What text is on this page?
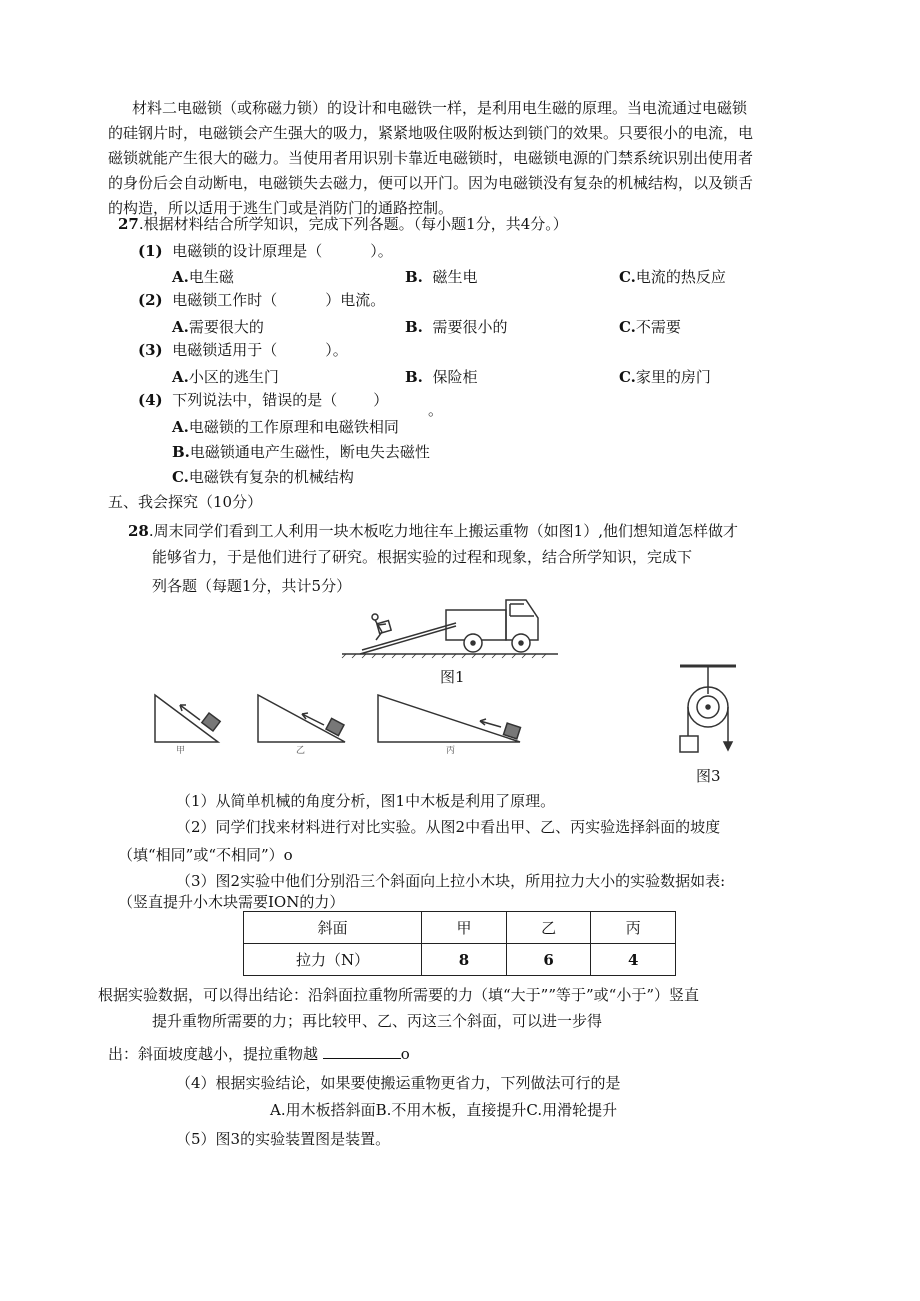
材料二电磁锁（或称磁力锁）的设计和电磁铁一样，是利用电生磁的原理。当电流通过电磁锁
的硅钢片时，电磁锁会产生强大的吸力，紧紧地吸住吸附板达到锁门的效果。只要很小的电流，电
磁锁就能产生很大的磁力。当使用者用识别卡靠近电磁锁时，电磁锁电源的门禁系统识别出使用者
的身份后会自动断电，电磁锁失去磁力，便可以开门。因为电磁锁没有复杂的机械结构，以及锁舌
的构造，所以适用于逃生门或是消防门的通路控制。
27.根据材料结合所学知识，完成下列各题。（每小题1分，共4分。）
(1) 电磁锁的设计原理是（	）。
A.电生磁	B. 磁生电	C.电流的热反应
(2) 电磁锁工作时（	）电流。
A.需要很大的	B. 需要很小的	C.不需要
(3) 电磁锁适用于（	）。
A.小区的逃生门	B. 保险柜	C.家里的房门
(4) 下列说法中，错误的是（ ）
。
A.电磁锁的工作原理和电磁铁相同
B.电磁锁通电产生磁性，断电失去磁性
C.电磁铁有复杂的机械结构
五、我会探究（10分）
28.周末同学们看到工人利用一块木板吃力地往车上搬运重物（如图1）,他们想知道怎样做才
能够省力，于是他们进行了研究。根据实验的过程和现象，结合所学知识，完成下
列各题（每题1分，共计5分）
图1
甲	乙	丙
图3
（1）从简单机械的角度分析，图1中木板是利用了原理。
（2）同学们找来材料进行对比实验。从图2中看出甲、乙、丙实验选择斜面的坡度
（填“相同”或“不相同”）o
（3）图2实验中他们分别沿三个斜面向上拉小木块，所用拉力大小的实验数据如表:
（竖直提升小木块需要ION的力）
斜面	甲	乙	丙
拉力（N）	8	6	4
根据实验数据，可以得出结论：沿斜面拉重物所需要的力（填“大于””等于”或“小于”）竖直
提升重物所需要的力；再比较甲、乙、丙这三个斜面，可以进一步得
出：斜面坡度越小，提拉重物越	o
（4）根据实验结论，如果要使搬运重物更省力，下列做法可行的是
A.用木板搭斜面B.不用木板，直接提升C.用滑轮提升
（5）图3的实验装置图是装置。
